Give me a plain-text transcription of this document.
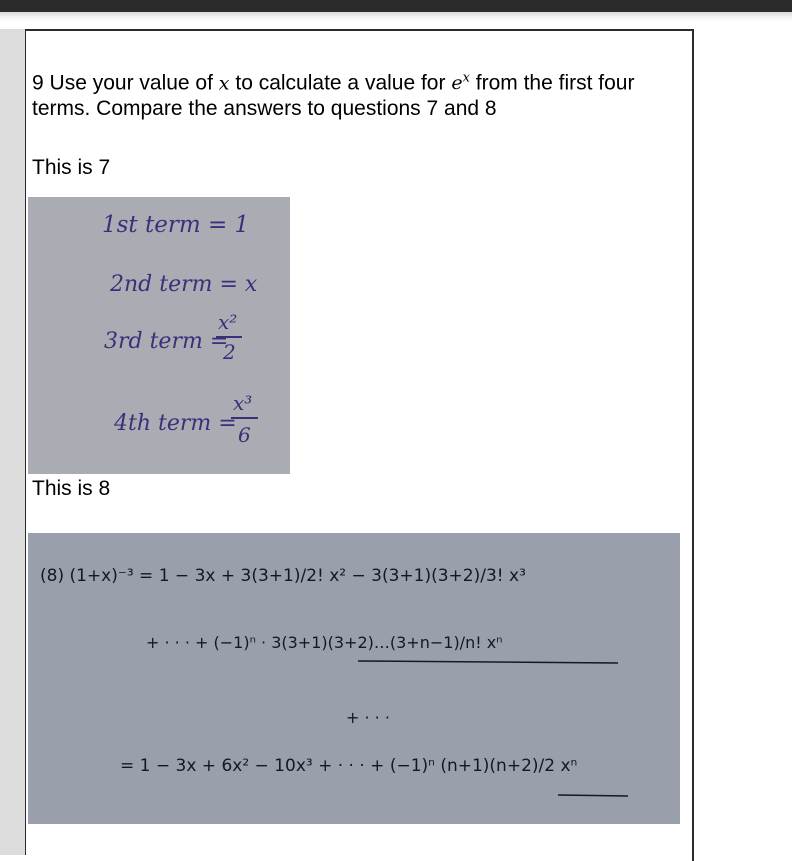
9 Use your value of x to calculate a value for $e^x$ from the first four terms. Compare the answers to questions 7 and 8
This is 7
1st term = 1
2nd term = x
3rd term =
x²
2
4th term =
x³
6
This is 8
(8) (1+x)⁻³ = 1 − 3x + 3(3+1)/2! x² − 3(3+1)(3+2)/3! x³
+ · · · + (−1)ⁿ · 3(3+1)(3+2)…(3+n−1)/n! xⁿ
+ · · ·
= 1 − 3x + 6x² − 10x³ + · · · + (−1)ⁿ (n+1)(n+2)/2 xⁿ
